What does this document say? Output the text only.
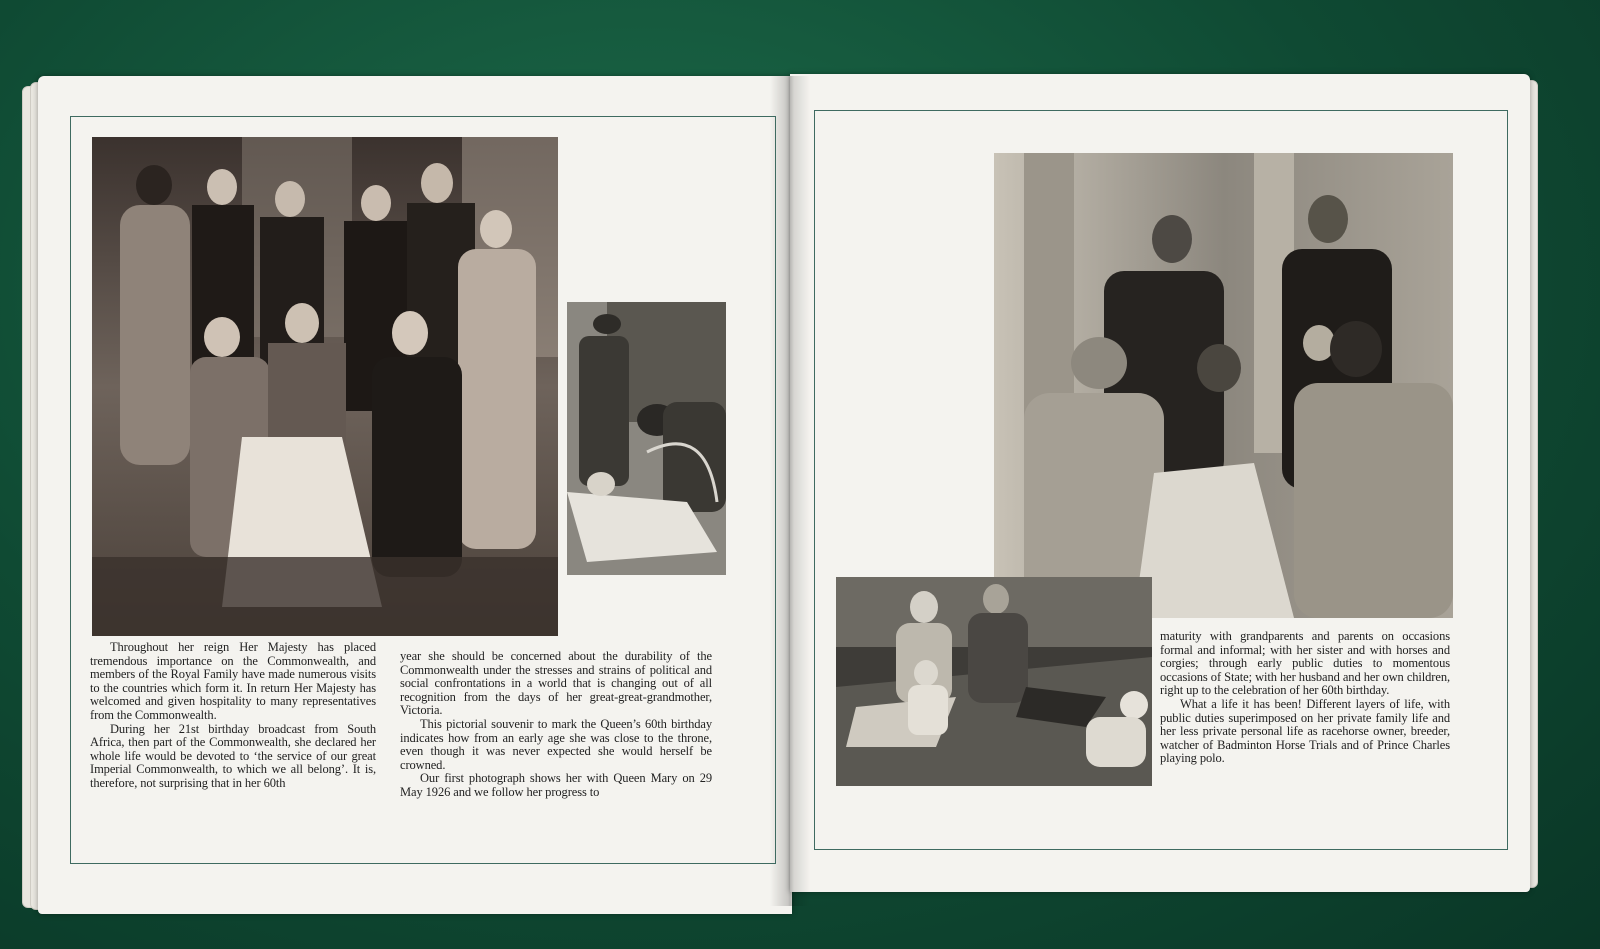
Throughout her reign Her Majesty has placed tremendous importance on the Commonwealth, and members of the Royal Family have made numerous visits to the countries which form it. In return Her Majesty has welcomed and given hospitality to many representatives from the Commonwealth.

During her 21st birthday broadcast from South Africa, then part of the Commonwealth, she declared her whole life would be devoted to ‘the service of our great Imperial Commonwealth, to which we all belong’. It is, therefore, not surprising that in her 60th

year she should be concerned about the durability of the Commonwealth under the stresses and strains of political and social confrontations in a world that is changing out of all recognition from the days of her great-great-grandmother, Victoria.

This pictorial souvenir to mark the Queen’s 60th birthday indicates how from an early age she was close to the throne, even though it was never expected she would herself be crowned.

Our first photograph shows her with Queen Mary on 29 May 1926 and we follow her progress to

maturity with grandparents and parents on occasions formal and informal; with her sister and with horses and corgies; through early public duties to momentous occasions of State; with her husband and her own children, right up to the celebration of her 60th birthday.

What a life it has been! Different layers of life, with public duties superimposed on her private family life and her less private personal life as racehorse owner, breeder, watcher of Badminton Horse Trials and of Prince Charles playing polo.
